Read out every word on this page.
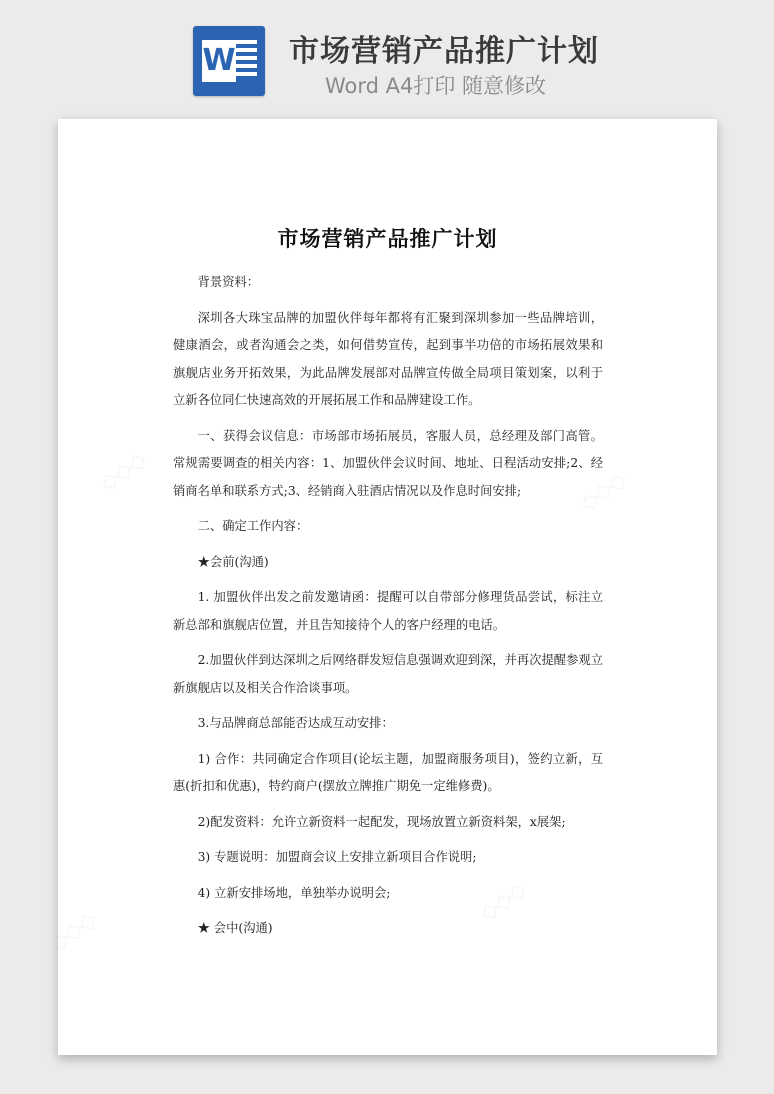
W 市场营销产品推广计划
Word A4打印 随意修改
市场营销产品推广计划

背景资料：

深圳各大珠宝品牌的加盟伙伴每年都将有汇聚到深圳参加一些品牌培训，健康酒会，或者沟通会之类，如何借势宣传，起到事半功倍的市场拓展效果和旗舰店业务开拓效果，为此品牌发展部对品牌宣传做全局项目策划案，以利于立新各位同仁快速高效的开展拓展工作和品牌建设工作。

一、获得会议信息：市场部市场拓展员，客服人员，总经理及部门高管。常规需要调查的相关内容：1、加盟伙伴会议时间、地址、日程活动安排;2、经销商名单和联系方式;3、经销商入驻酒店情况以及作息时间安排;

二、确定工作内容：

★会前(沟通)

1. 加盟伙伴出发之前发邀请函：提醒可以自带部分修理货品尝试，标注立新总部和旗舰店位置，并且告知接待个人的客户经理的电话。

2.加盟伙伴到达深圳之后网络群发短信息强调欢迎到深，并再次提醒参观立新旗舰店以及相关合作洽谈事项。

3.与品牌商总部能否达成互动安排：

1) 合作：共同确定合作项目(论坛主题，加盟商服务项目)，签约立新，互惠(折扣和优惠)，特约商户(摆放立牌推广期免一定维修费)。

2)配发资料：允许立新资料一起配发，现场放置立新资料架，x展架;

3) 专题说明：加盟商会议上安排立新项目合作说明;

4) 立新安排场地，单独举办说明会;

★ 会中(沟通)
